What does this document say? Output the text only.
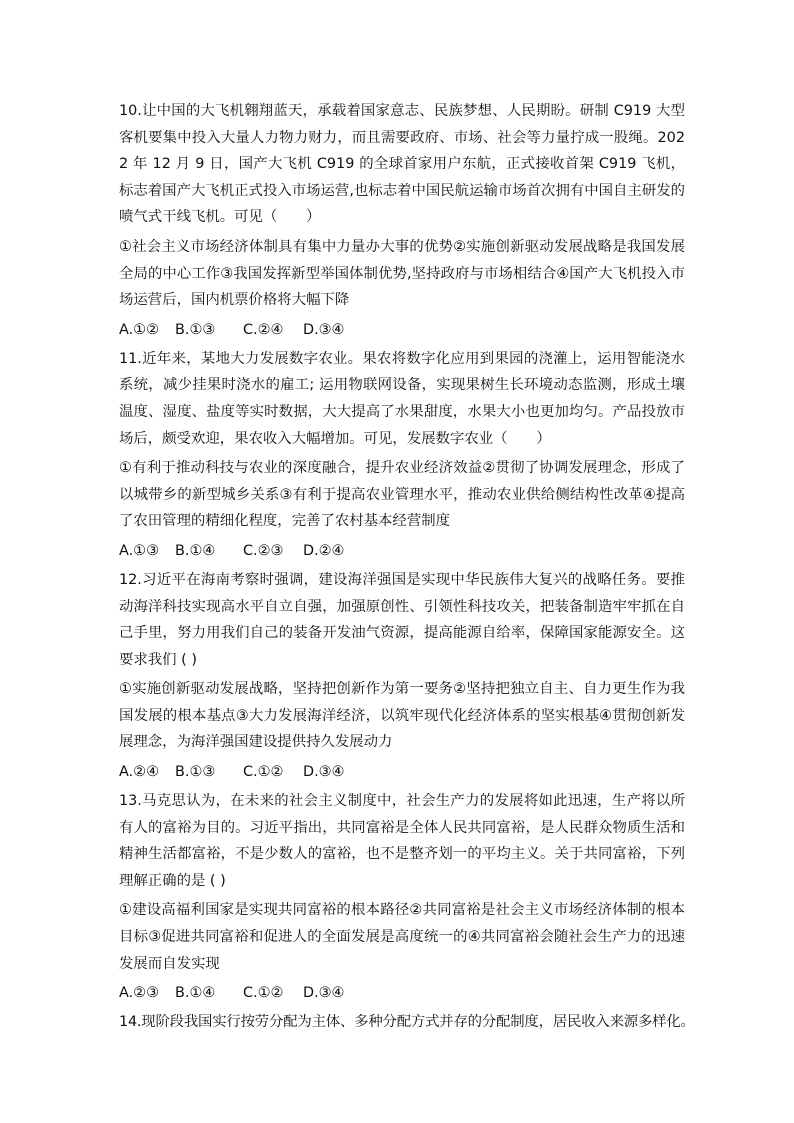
10.让中国的大飞机翱翔蓝天，承载着国家意志、民族梦想、人民期盼。研制 C919 大型客机要集中投入大量人力物力财力，而且需要政府、市场、社会等力量拧成一股绳。2022 年 12 月 9 日，国产大飞机 C919 的全球首家用户东航，正式接收首架 C919 飞机，标志着国产大飞机正式投入市场运营,也标志着中国民航运输市场首次拥有中国自主研发的喷气式干线飞机。可见（　　）

①社会主义市场经济体制具有集中力量办大事的优势②实施创新驱动发展战略是我国发展全局的中心工作③我国发挥新型举国体制优势,坚持政府与市场相结合④国产大飞机投入市场运营后，国内机票价格将大幅下降

A.①②	B.①③	C.②④	D.③④

11.近年来，某地大力发展数字农业。果农将数字化应用到果园的浇灌上，运用智能浇水系统，减少挂果时浇水的雇工; 运用物联网设备，实现果树生长环境动态监测，形成土壤温度、湿度、盐度等实时数据，大大提高了水果甜度，水果大小也更加均匀。产品投放市场后，颇受欢迎，果农收入大幅增加。可见，发展数字农业（　　）

①有利于推动科技与农业的深度融合，提升农业经济效益②贯彻了协调发展理念，形成了以城带乡的新型城乡关系③有利于提高农业管理水平，推动农业供给侧结构性改革④提高了农田管理的精细化程度，完善了农村基本经营制度

A.①③	B.①④	C.②③	D.②④

12.习近平在海南考察时强调，建设海洋强国是实现中华民族伟大复兴的战略任务。要推动海洋科技实现高水平自立自强，加强原创性、引领性科技攻关，把装备制造牢牢抓在自己手里，努力用我们自己的装备开发油气资源，提高能源自给率，保障国家能源安全。这要求我们 ( )

①实施创新驱动发展战略，坚持把创新作为第一要务②坚持把独立自主、自力更生作为我国发展的根本基点③大力发展海洋经济，以筑牢现代化经济体系的坚实根基④贯彻创新发展理念，为海洋强国建设提供持久发展动力

A.②④	B.①③	C.①②	D.③④

13.马克思认为，在未来的社会主义制度中，社会生产力的发展将如此迅速，生产将以所有人的富裕为目的。习近平指出，共同富裕是全体人民共同富裕，是人民群众物质生活和精神生活都富裕，不是少数人的富裕，也不是整齐划一的平均主义。关于共同富裕，下列理解正确的是 ( )

①建设高福利国家是实现共同富裕的根本路径②共同富裕是社会主义市场经济体制的根本目标③促进共同富裕和促进人的全面发展是高度统一的④共同富裕会随社会生产力的迅速发展而自发实现

A.②③	B.①④	C.①②	D.③④

14.现阶段我国实行按劳分配为主体、多种分配方式并存的分配制度，居民收入来源多样化。
